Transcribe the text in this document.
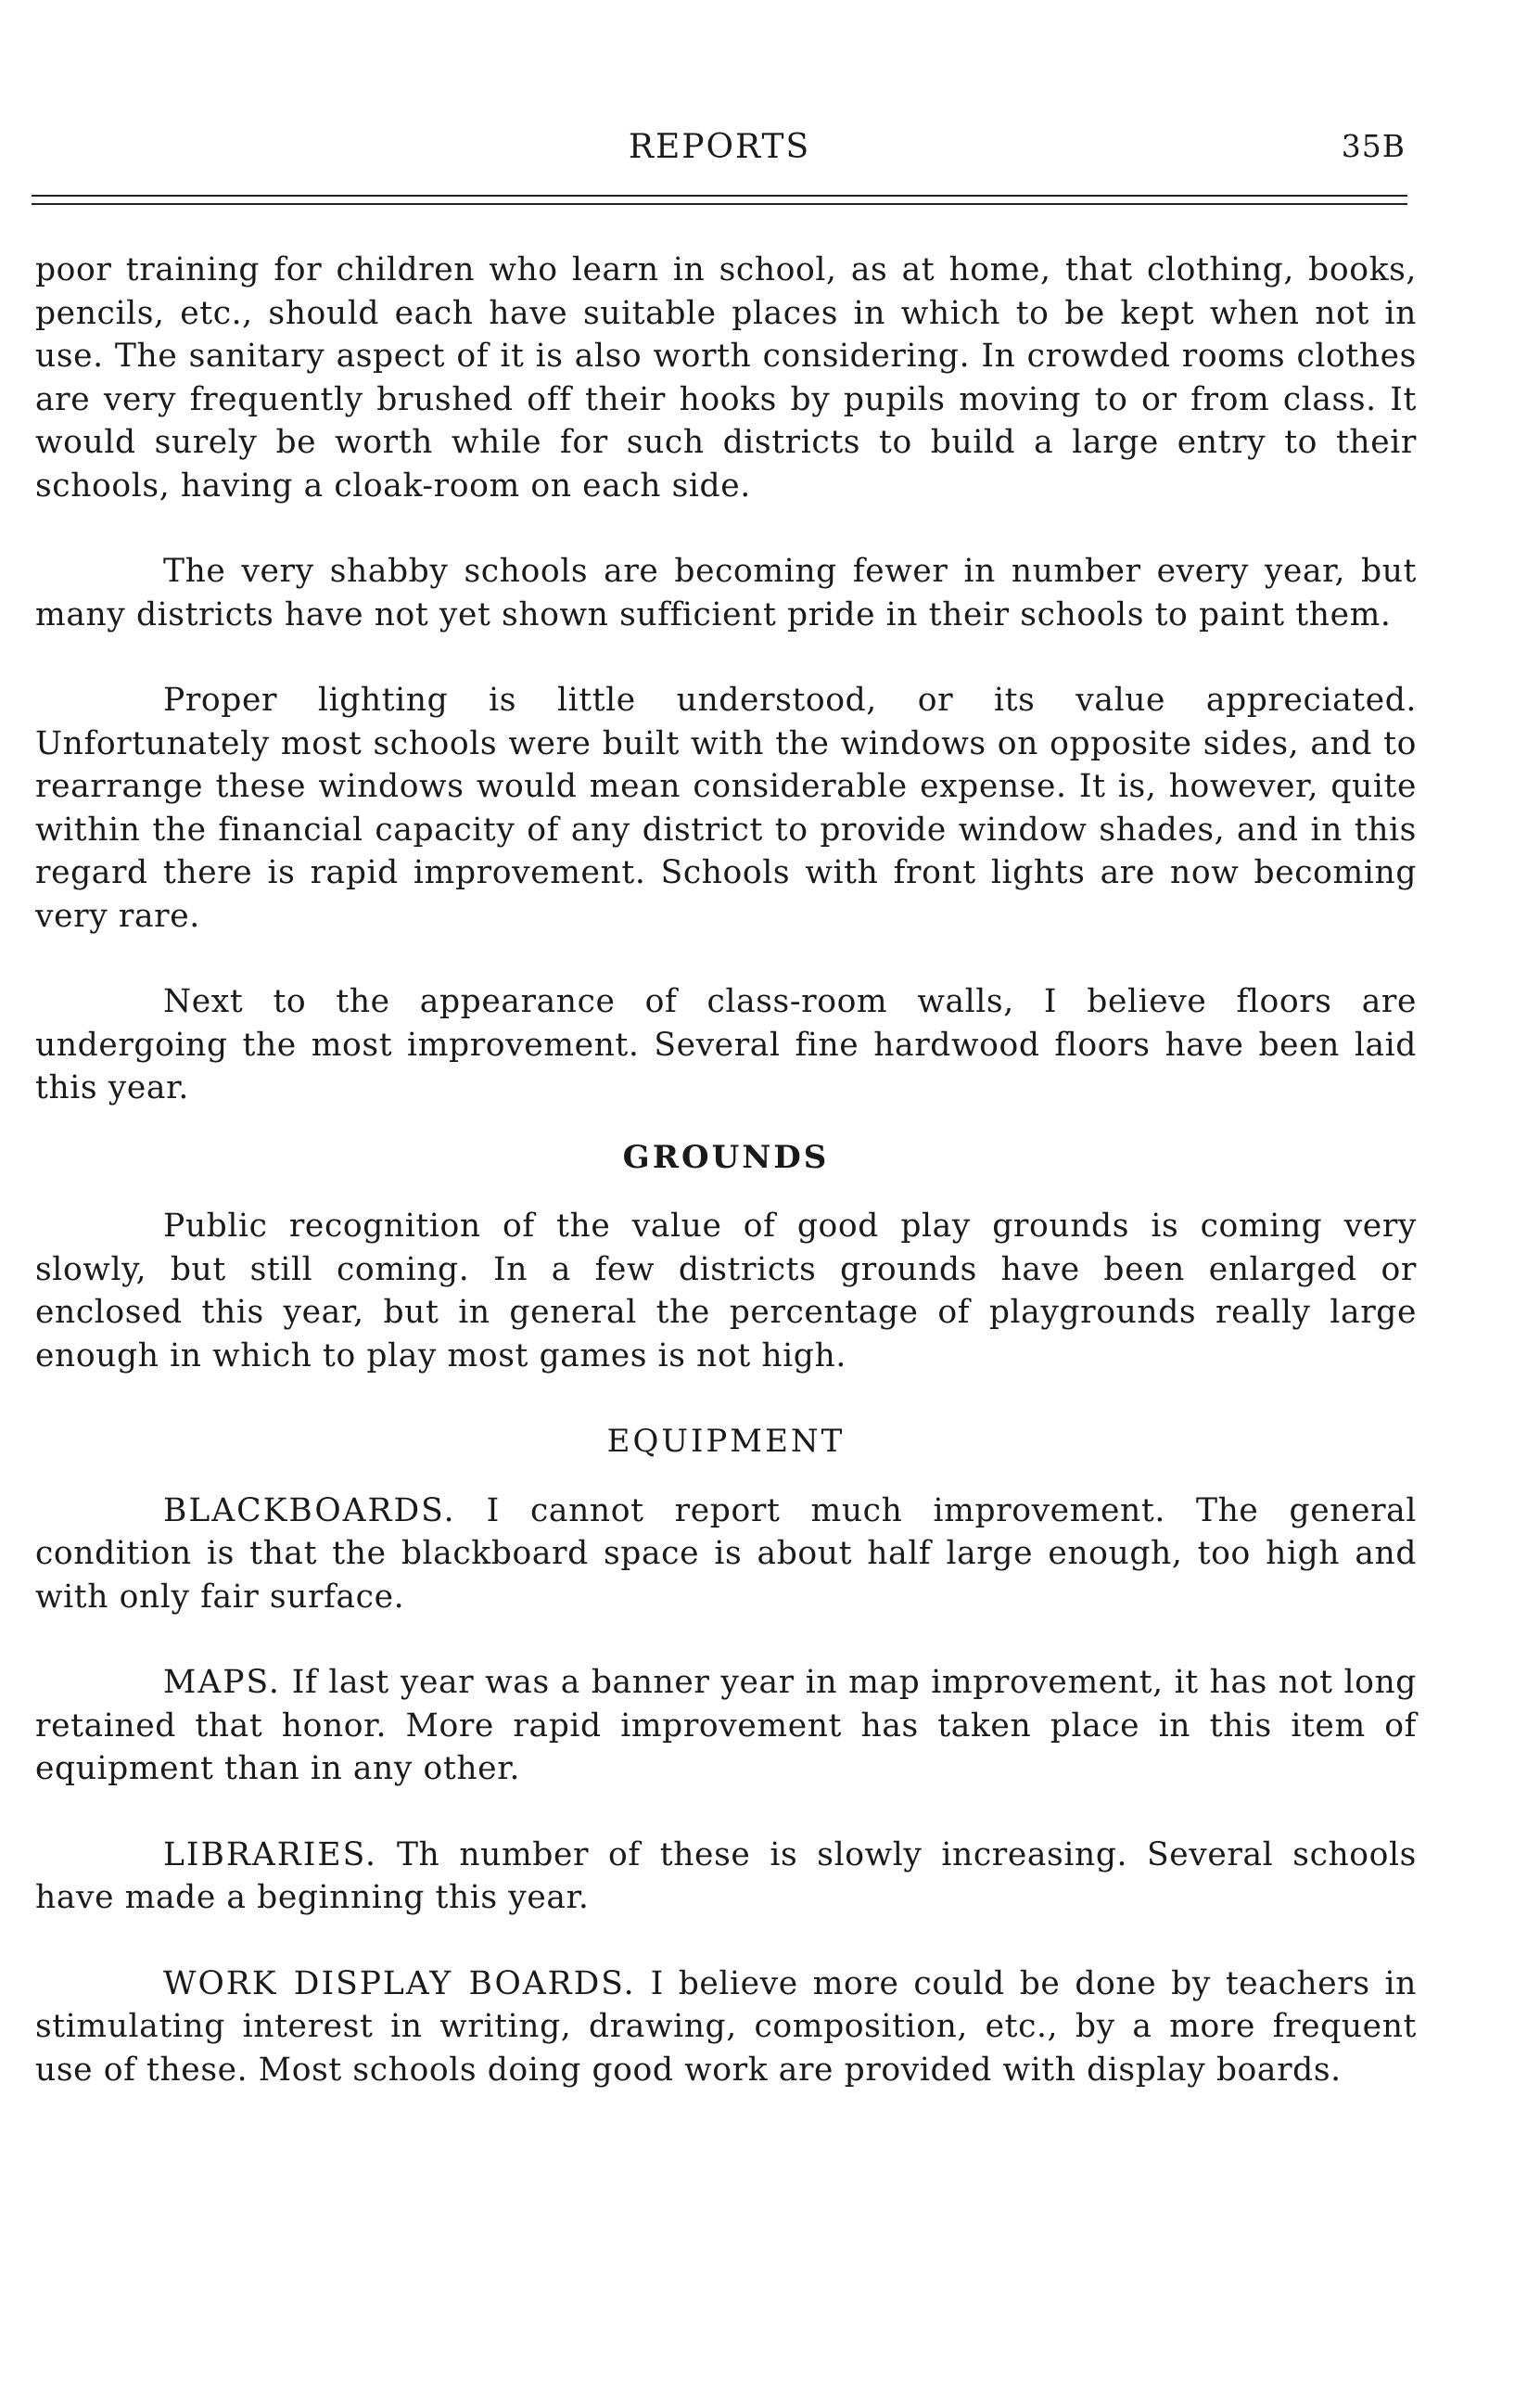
REPORTS	35B

poor training for children who learn in school, as at home, that clothing, books, pencils, etc., should each have suitable places in which to be kept when not in use. The sanitary aspect of it is also worth considering. In crowded rooms clothes are very frequently brushed off their hooks by pupils moving to or from class. It would surely be worth while for such districts to build a large entry to their schools, having a cloak-room on each side.

The very shabby schools are becoming fewer in number every year, but many districts have not yet shown sufficient pride in their schools to paint them.

Proper lighting is little understood, or its value appreciated. Unfortunately most schools were built with the windows on opposite sides, and to rearrange these windows would mean considerable expense. It is, however, quite within the financial capacity of any district to provide window shades, and in this regard there is rapid improvement. Schools with front lights are now becoming very rare.

Next to the appearance of class-room walls, I believe floors are undergoing the most improvement. Several fine hardwood floors have been laid this year.

GROUNDS

Public recognition of the value of good play grounds is coming very slowly, but still coming. In a few districts grounds have been enlarged or enclosed this year, but in general the percentage of playgrounds really large enough in which to play most games is not high.

EQUIPMENT

BLACKBOARDS. I cannot report much improvement. The general condition is that the blackboard space is about half large enough, too high and with only fair surface.

MAPS. If last year was a banner year in map improvement, it has not long retained that honor. More rapid improvement has taken place in this item of equipment than in any other.

LIBRARIES. Th number of these is slowly increasing. Several schools have made a beginning this year.

WORK DISPLAY BOARDS. I believe more could be done by teachers in stimulating interest in writing, drawing, composition, etc., by a more frequent use of these. Most schools doing good work are provided with display boards.
